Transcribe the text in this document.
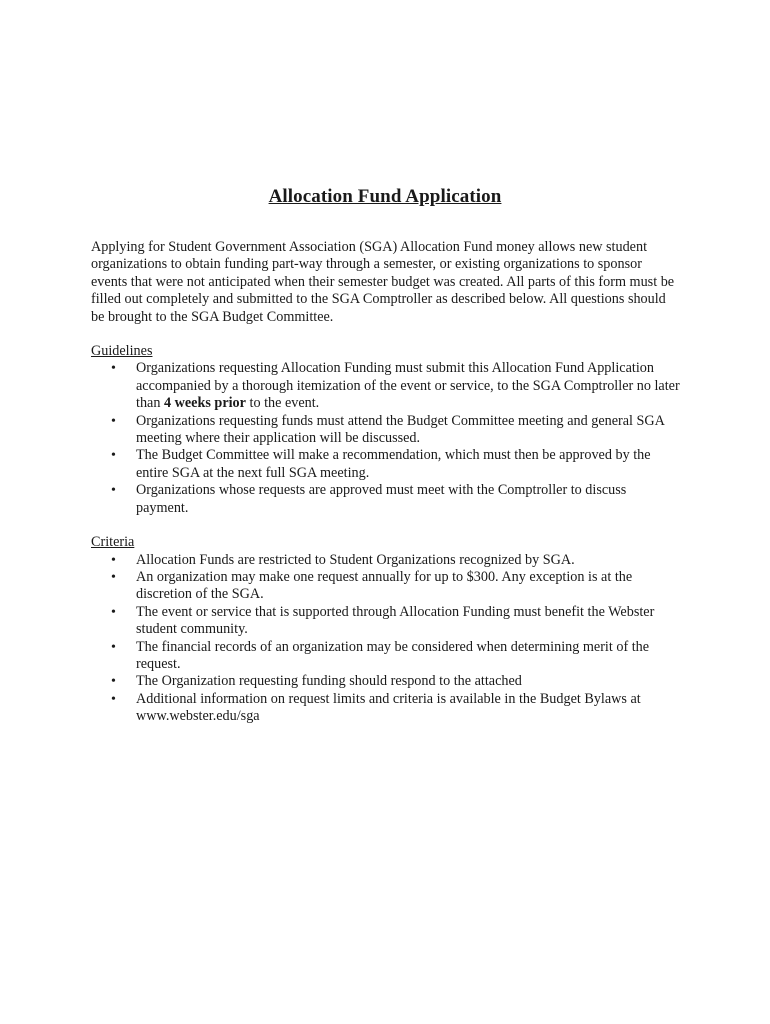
Allocation Fund Application

Applying for Student Government Association (SGA) Allocation Fund money allows new student organizations to obtain funding part-way through a semester, or existing organizations to sponsor events that were not anticipated when their semester budget was created. All parts of this form must be filled out completely and submitted to the SGA Comptroller as described below. All questions should be brought to the SGA Budget Committee.

Guidelines
• Organizations requesting Allocation Funding must submit this Allocation Fund Application accompanied by a thorough itemization of the event or service, to the SGA Comptroller no later than 4 weeks prior to the event.
• Organizations requesting funds must attend the Budget Committee meeting and general SGA meeting where their application will be discussed.
• The Budget Committee will make a recommendation, which must then be approved by the entire SGA at the next full SGA meeting.
• Organizations whose requests are approved must meet with the Comptroller to discuss payment.
Criteria
• Allocation Funds are restricted to Student Organizations recognized by SGA.
• An organization may make one request annually for up to $300. Any exception is at the discretion of the SGA.
• The event or service that is supported through Allocation Funding must benefit the Webster student community.
• The financial records of an organization may be considered when determining merit of the request.
• The Organization requesting funding should respond to the attached
• Additional information on request limits and criteria is available in the Budget Bylaws at www.webster.edu/sga
